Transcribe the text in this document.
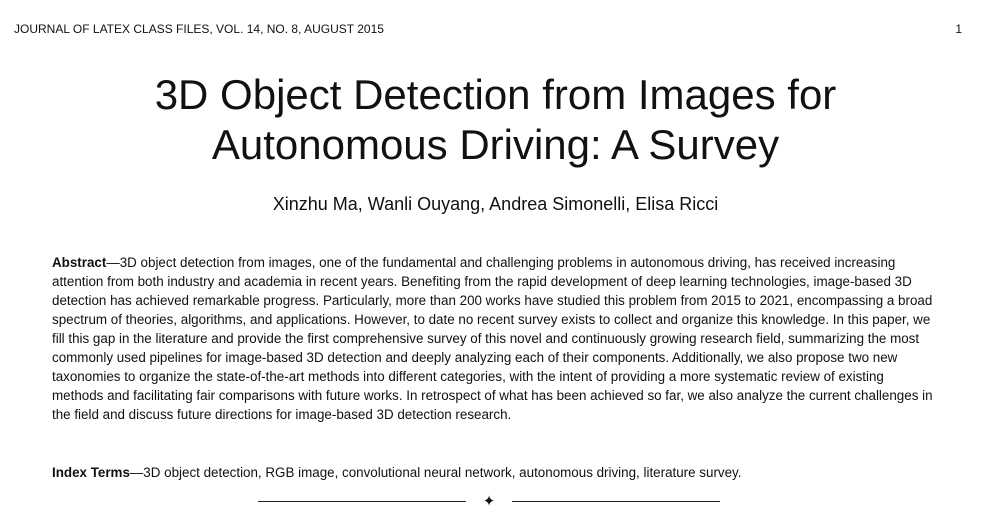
JOURNAL OF LATEX CLASS FILES, VOL. 14, NO. 8, AUGUST 2015	1
3D Object Detection from Images for
Autonomous Driving: A Survey
Xinzhu Ma, Wanli Ouyang, Andrea Simonelli, Elisa Ricci

Abstract—3D object detection from images, one of the fundamental and challenging problems in autonomous driving, has received increasing attention from both industry and academia in recent years. Benefiting from the rapid development of deep learning technologies, image-based 3D detection has achieved remarkable progress. Particularly, more than 200 works have studied this problem from 2015 to 2021, encompassing a broad spectrum of theories, algorithms, and applications. However, to date no recent survey exists to collect and organize this knowledge. In this paper, we fill this gap in the literature and provide the first comprehensive survey of this novel and continuously growing research field, summarizing the most commonly used pipelines for image-based 3D detection and deeply analyzing each of their components. Additionally, we also propose two new taxonomies to organize the state-of-the-art methods into different categories, with the intent of providing a more systematic review of existing methods and facilitating fair comparisons with future works. In retrospect of what has been achieved so far, we also analyze the current challenges in the field and discuss future directions for image-based 3D detection research.

Index Terms—3D object detection, RGB image, convolutional neural network, autonomous driving, literature survey.

✦
